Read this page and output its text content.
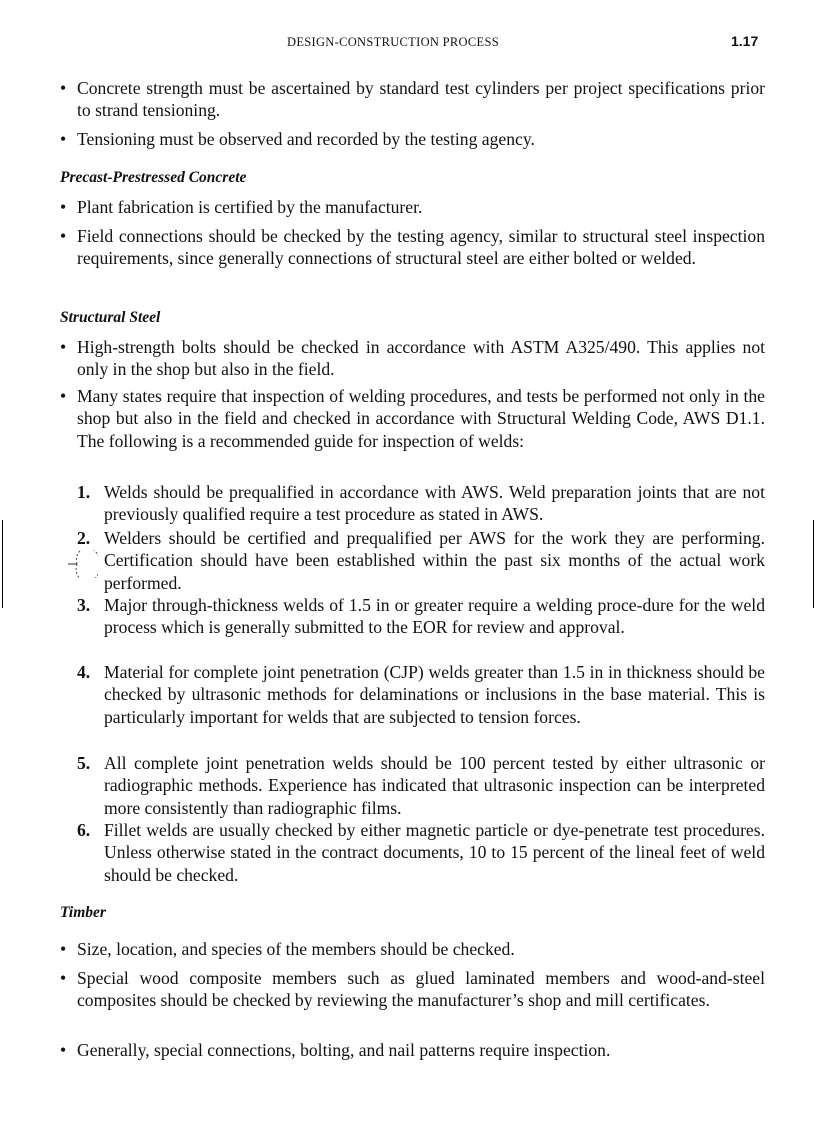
DESIGN-CONSTRUCTION PROCESS	1.17
• Concrete strength must be ascertained by standard test cylinders per project specifications prior to strand tensioning.
• Tensioning must be observed and recorded by the testing agency.
Precast-Prestressed Concrete
• Plant fabrication is certified by the manufacturer.
• Field connections should be checked by the testing agency, similar to structural steel inspection requirements, since generally connections of structural steel are either bolted or welded.
Structural Steel
• High-strength bolts should be checked in accordance with ASTM A325/490. This applies not only in the shop but also in the field.
• Many states require that inspection of welding procedures, and tests be performed not only in the shop but also in the field and checked in accordance with Structural Welding Code, AWS D1.1. The following is a recommended guide for inspection of welds:
1. Welds should be prequalified in accordance with AWS. Weld preparation joints that are not previously qualified require a test procedure as stated in AWS.
2. Welders should be certified and prequalified per AWS for the work they are performing. Certification should have been established within the past six months of the actual work performed.
3. Major through-thickness welds of 1.5 in or greater require a welding proce-dure for the weld process which is generally submitted to the EOR for review and approval.
4. Material for complete joint penetration (CJP) welds greater than 1.5 in in thickness should be checked by ultrasonic methods for delaminations or inclusions in the base material. This is particularly important for welds that are subjected to tension forces.
5. All complete joint penetration welds should be 100 percent tested by either ultrasonic or radiographic methods. Experience has indicated that ultrasonic inspection can be interpreted more consistently than radiographic films.
6. Fillet welds are usually checked by either magnetic particle or dye-penetrate test procedures. Unless otherwise stated in the contract documents, 10 to 15 percent of the lineal feet of weld should be checked.
Timber
• Size, location, and species of the members should be checked.
• Special wood composite members such as glued laminated members and wood-and-steel composites should be checked by reviewing the manufacturer’s shop and mill certificates.
• Generally, special connections, bolting, and nail patterns require inspection.
